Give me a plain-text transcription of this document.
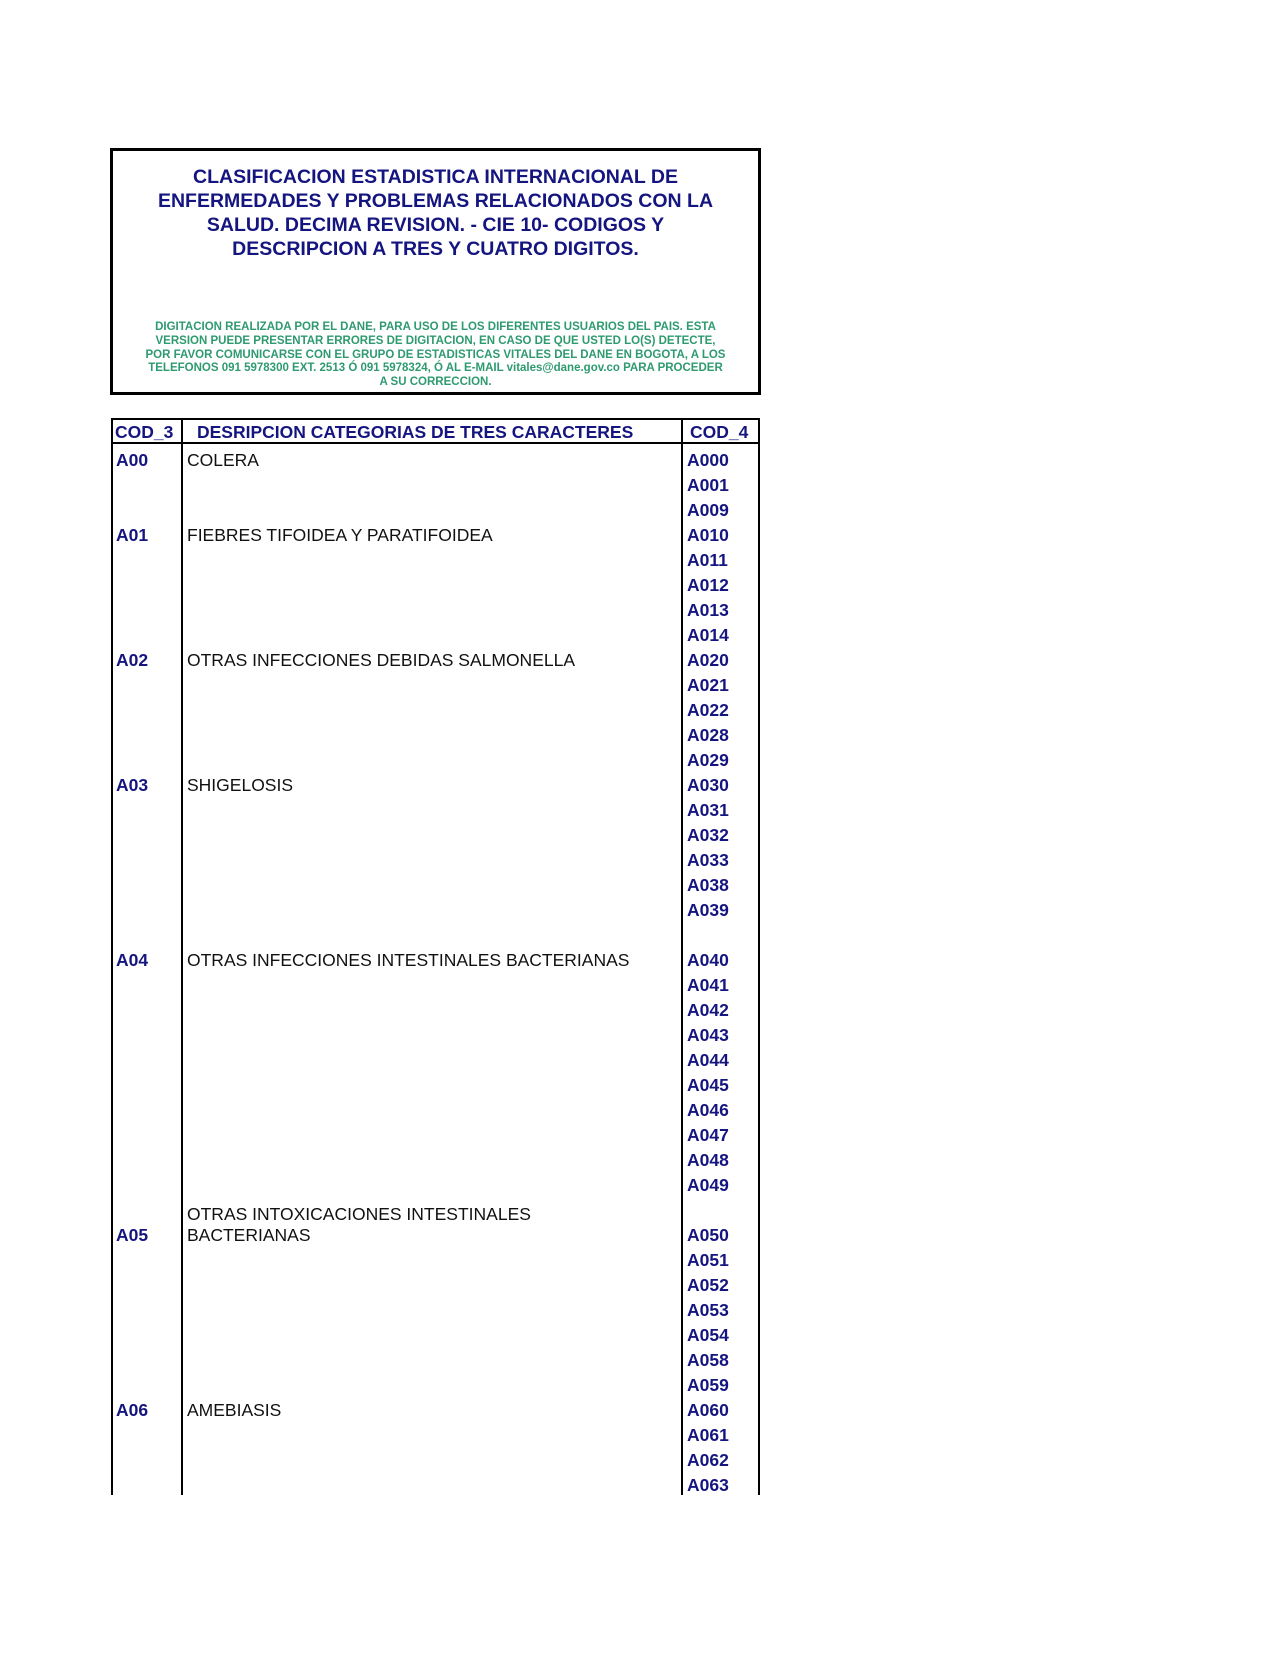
CLASIFICACION ESTADISTICA INTERNACIONAL DE
ENFERMEDADES Y PROBLEMAS RELACIONADOS CON LA
SALUD. DECIMA REVISION. - CIE 10- CODIGOS Y
DESCRIPCION A TRES Y CUATRO DIGITOS.
DIGITACION REALIZADA POR EL DANE, PARA USO DE LOS DIFERENTES USUARIOS DEL PAIS. ESTA
VERSION PUEDE PRESENTAR ERRORES DE DIGITACION, EN CASO DE QUE USTED LO(S) DETECTE,
POR FAVOR COMUNICARSE CON EL GRUPO DE ESTADISTICAS VITALES DEL DANE EN BOGOTA, A LOS
TELEFONOS 091 5978300 EXT. 2513 Ó 091 5978324, Ó AL E-MAIL vitales@dane.gov.co PARA PROCEDER
A SU CORRECCION.
COD_3 DESRIPCION CATEGORIAS DE TRES CARACTERES	COD_4
A00 COLERA	A000
A001
A009
A01 FIEBRES TIFOIDEA Y PARATIFOIDEA	A010
A011
A012
A013
A014
A02 OTRAS INFECCIONES DEBIDAS SALMONELLA	A020
A021
A022
A028
A029
A03 SHIGELOSIS	A030
A031
A032
A033
A038
A039
A04 OTRAS INFECCIONES INTESTINALES BACTERIANAS	A040
A041
A042
A043
A044
A045
A046
A047
A048
A049
A05
OTRAS INTOXICACIONES INTESTINALES
BACTERIANAS	A050
A051
A052
A053
A054
A058
A059
A06 AMEBIASIS	A060
A061
A062
A063
